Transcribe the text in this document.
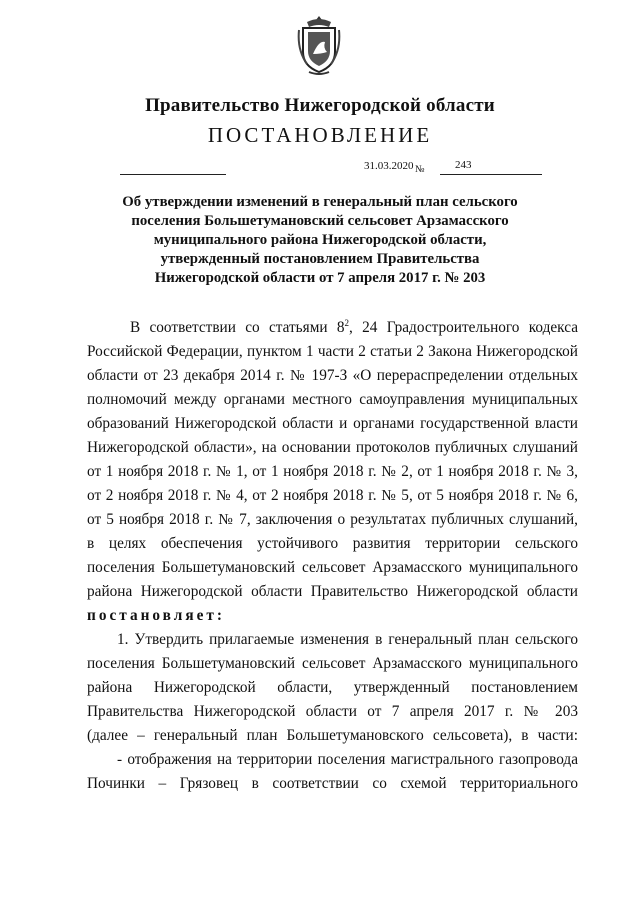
Правительство Нижегородской области
ПОСТАНОВЛЕНИЕ
31.03.2020 №	243
Об утверждении изменений в генеральный план сельского
поселения Большетумановский сельсовет Арзамасского
муниципального района Нижегородской области,
утвержденный постановлением Правительства
Нижегородской области от 7 апреля 2017 г. № 203
В соответствии со статьями $8^2$, 24 Градостроительного кодекса
Российской Федерации, пунктом 1 части 2 статьи 2 Закона Нижегородской
области от 23 декабря 2014 г. № 197-З «О перераспределении отдельных
полномочий между органами местного самоуправления муниципальных
образований Нижегородской области и органами государственной власти
Нижегородской области», на основании протоколов публичных слушаний
от 1 ноября 2018 г. № 1, от 1 ноября 2018 г. № 2, от 1 ноября 2018 г. № 3,
от 2 ноября 2018 г. № 4, от 2 ноября 2018 г. № 5, от 5 ноября 2018 г. № 6,
от 5 ноября 2018 г. № 7, заключения о результатах публичных слушаний,
в целях обеспечения устойчивого развития территории сельского
поселения Большетумановский сельсовет Арзамасского муниципального
района Нижегородской области Правительство Нижегородской области
постановляет:
1. Утвердить прилагаемые изменения в генеральный план сельского
поселения Большетумановский сельсовет Арзамасского муниципального
района Нижегородской области, утвержденный постановлением
Правительства Нижегородской области от 7 апреля 2017 г. № 203
(далее – генеральный план Большетумановского сельсовета), в части:
- отображения на территории поселения магистрального газопровода
Починки – Грязовец в соответствии со схемой территориального
